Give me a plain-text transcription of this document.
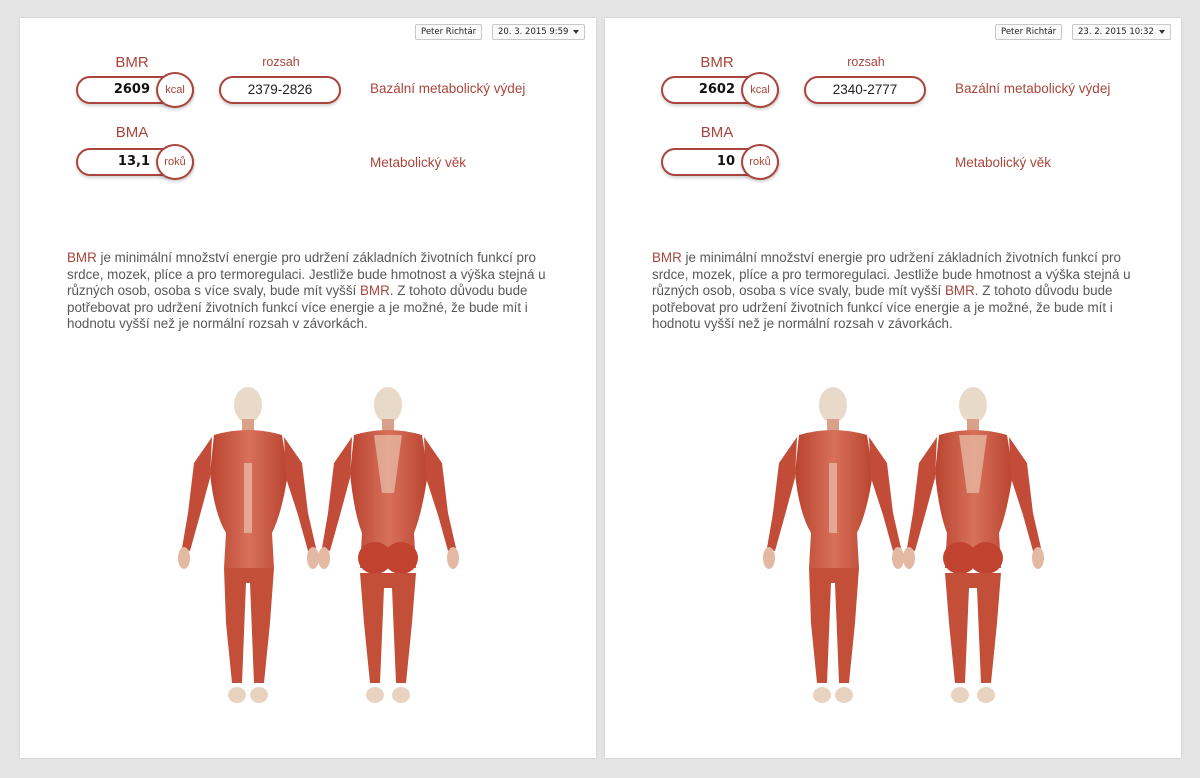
Peter Richtár	20. 3. 2015 9:59
BMR
2609	kcal
rozsah
2379-2826	Bazální metabolický výdej
BMA
13,1	roků	Metabolický věk
BMR je minimální množství energie pro udržení základních životních funkcí pro srdce, mozek, plíce a pro termoregulaci. Jestliže bude hmotnost a výška stejná u různých osob, osoba s více svaly, bude mít vyšší BMR. Z tohoto důvodu bude potřebovat pro udržení životních funkcí více energie a je možné, že bude mít i hodnotu vyšší než je normální rozsah v závorkách.
Peter Richtár	23. 2. 2015 10:32
BMR
2602	kcal
rozsah
2340-2777	Bazální metabolický výdej
BMA
10	roků	Metabolický věk
BMR je minimální množství energie pro udržení základních životních funkcí pro srdce, mozek, plíce a pro termoregulaci. Jestliže bude hmotnost a výška stejná u různých osob, osoba s více svaly, bude mít vyšší BMR. Z tohoto důvodu bude potřebovat pro udržení životních funkcí více energie a je možné, že bude mít i hodnotu vyšší než je normální rozsah v závorkách.
